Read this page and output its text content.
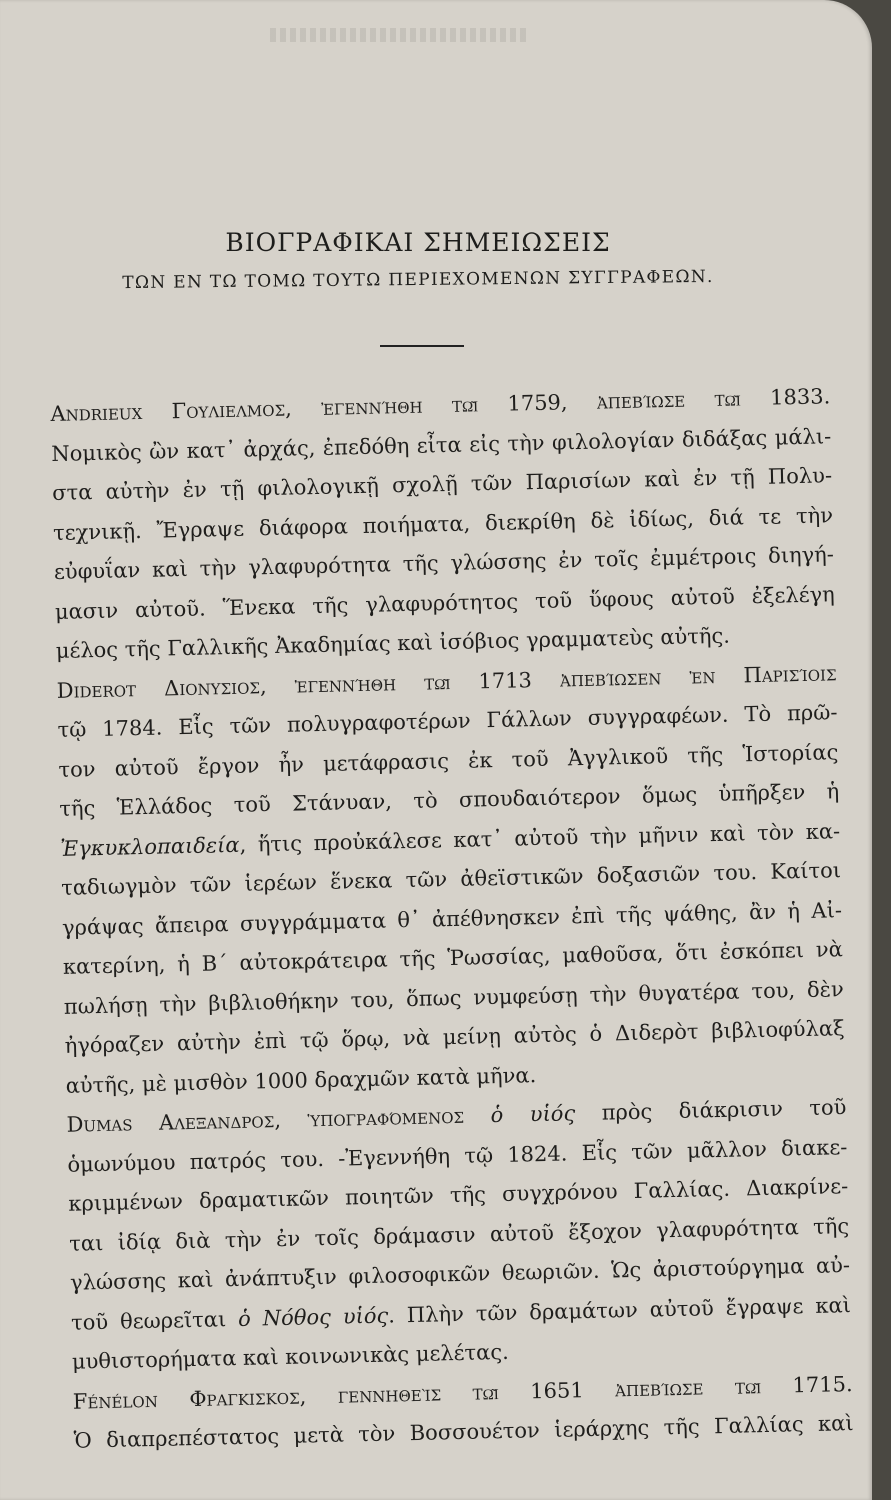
ΒΙΟΓΡΑΦΙΚΑΙ ΣΗΜΕΙΩΣΕΙΣ
ΤΩΝ ΕΝ ΤΩ ΤΟΜΩ ΤΟΥΤΩ ΠΕΡΙΕΧΟΜΕΝΩΝ ΣΥΓΓΡΑΦΕΩΝ.
Andrieux Γουλιελμος, ἐγεννήθη τῷ 1759, ἀπεβίωσε τῷ 1833.
Νομικὸς ὢν κατ᾽ ἀρχάς, ἐπεδόθη εἶτα εἰς τὴν φιλολογίαν διδάξας μάλι-
στα αὐτὴν ἐν τῇ φιλολογικῇ σχολῇ τῶν Παρισίων καὶ ἐν τῇ Πολυ-
τεχνικῇ. Ἔγραψε διάφορα ποιήματα, διεκρίθη δὲ ἰδίως, διά τε τὴν
εὐφυΐαν καὶ τὴν γλαφυρότητα τῆς γλώσσης ἐν τοῖς ἐμμέτροις διηγή-
μασιν αὐτοῦ. Ἕνεκα τῆς γλαφυρότητος τοῦ ὕφους αὐτοῦ ἐξελέγη
μέλος τῆς Γαλλικῆς Ἀκαδημίας καὶ ἰσόβιος γραμματεὺς αὐτῆς.
Diderot Διονυσιος, ἐγεννήθη τῷ 1713 ἀπεβίωσεν ἐν Παρισίοις
τῷ 1784. Εἷς τῶν πολυγραφοτέρων Γάλλων συγγραφέων. Τὸ πρῶ-
τον αὐτοῦ ἔργον ἦν μετάφρασις ἐκ τοῦ Ἀγγλικοῦ τῆς Ἱστορίας
τῆς Ἑλλάδος τοῦ Στάνυαν, τὸ σπουδαιότερον ὅμως ὑπῆρξεν ἡ
Ἐγκυκλοπαιδεία, ἥτις προὐκάλεσε κατ᾽ αὐτοῦ τὴν μῆνιν καὶ τὸν κα-
ταδιωγμὸν τῶν ἱερέων ἕνεκα τῶν ἀθεϊστικῶν δοξασιῶν του. Καίτοι
γράψας ἄπειρα συγγράμματα θ᾽ ἀπέθνησκεν ἐπὶ τῆς ψάθης, ἂν ἡ Αἰ-
κατερίνη, ἡ Β΄ αὐτοκράτειρα τῆς Ῥωσσίας, μαθοῦσα, ὅτι ἐσκόπει νὰ
πωλήσῃ τὴν βιβλιοθήκην του, ὅπως νυμφεύσῃ τὴν θυγατέρα του, δὲν
ἠγόραζεν αὐτὴν ἐπὶ τῷ ὅρῳ, νὰ μείνῃ αὐτὸς ὁ Διδερὸτ βιβλιοφύλαξ
αὐτῆς, μὲ μισθὸν 1000 δραχμῶν κατὰ μῆνα.
Dumas Αλεξανδρος, ὑπογραφόμενος ὁ υἱός πρὸς διάκρισιν τοῦ
ὁμωνύμου πατρός του. -Ἐγεννήθη τῷ 1824. Εἷς τῶν μᾶλλον διακε-
κριμμένων δραματικῶν ποιητῶν τῆς συγχρόνου Γαλλίας. Διακρίνε-
ται ἰδίᾳ διὰ τὴν ἐν τοῖς δράμασιν αὐτοῦ ἔξοχον γλαφυρότητα τῆς
γλώσσης καὶ ἀνάπτυξιν φιλοσοφικῶν θεωριῶν. Ὡς ἀριστούργημα αὐ-
τοῦ θεωρεῖται ὁ Νόθος υἱός. Πλὴν τῶν δραμάτων αὐτοῦ ἔγραψε καὶ
μυθιστορήματα καὶ κοινωνικὰς μελέτας.
Fénélon Φραγκισκος, γεννηθεὶς τῷ 1651 ἀπεβίωσε τῷ 1715.
Ὁ διαπρεπέστατος μετὰ τὸν Βοσσουέτον ἱεράρχης τῆς Γαλλίας καὶ
